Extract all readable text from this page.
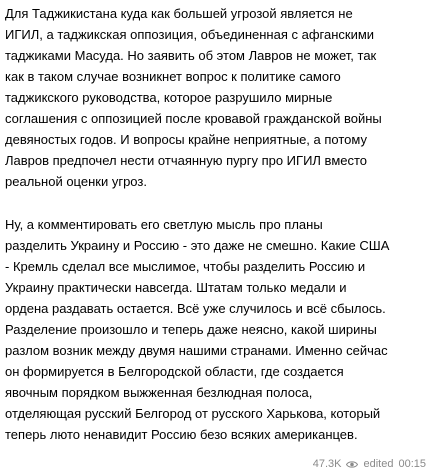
Для Таджикистана куда как большей угрозой является не
ИГИЛ, а таджикская оппозиция, объединенная с афганскими
таджиками Масуда. Но заявить об этом Лавров не может, так
как в таком случае возникнет вопрос к политике самого
таджикского руководства, которое разрушило мирные
соглашения с оппозицией после кровавой гражданской войны
девяностых годов. И вопросы крайне неприятные, а потому
Лавров предпочел нести отчаянную пургу про ИГИЛ вместо
реальной оценки угроз.

Ну, а комментировать его светлую мысль про планы
разделить Украину и Россию - это даже не смешно. Какие США
- Кремль сделал все мыслимое, чтобы разделить Россию и
Украину практически навсегда. Штатам только медали и
ордена раздавать остается. Всё уже случилось и всё сбылось.
Разделение произошло и теперь даже неясно, какой ширины
разлом возник между двумя нашими странами. Именно сейчас
он формируется в Белгородской области, где создается
явочным порядком выжженная безлюдная полоса,
отделяющая русский Белгород от русского Харькова, который
теперь люто ненавидит Россию безо всяких американцев.

47.3K edited 00:15
